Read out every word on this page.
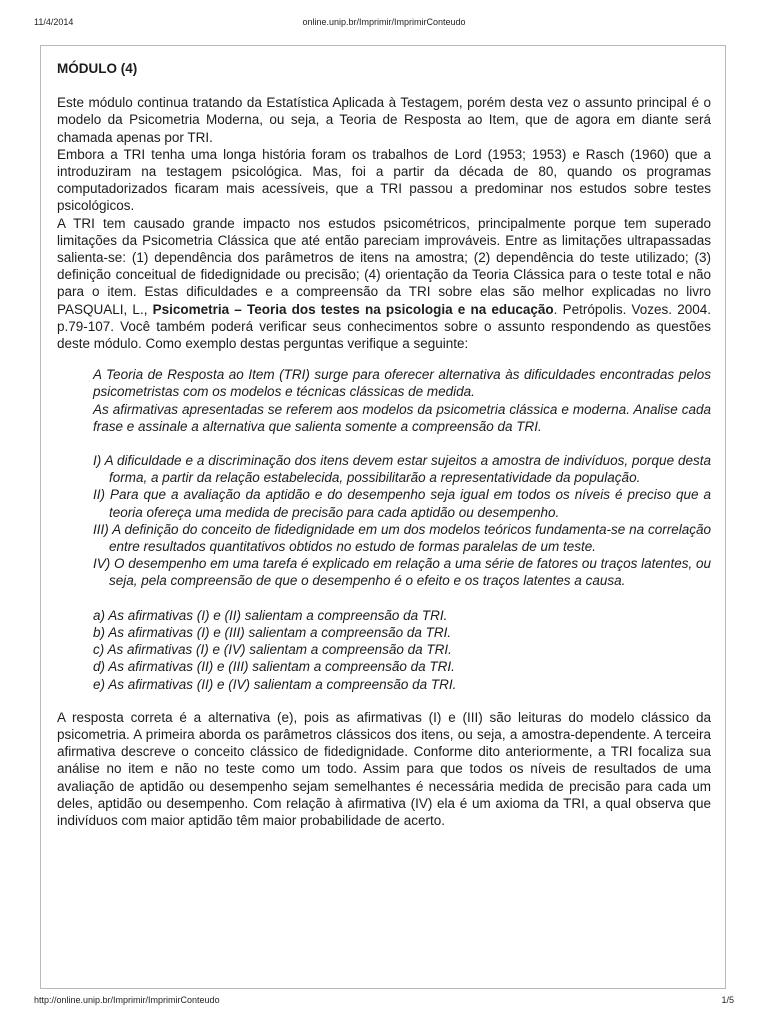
11/4/2014	online.unip.br/Imprimir/ImprimirConteudo
MÓDULO (4)

Este módulo continua tratando da Estatística Aplicada à Testagem, porém desta vez o assunto principal é o modelo da Psicometria Moderna, ou seja, a Teoria de Resposta ao Item, que de agora em diante será chamada apenas por TRI.

Embora a TRI tenha uma longa história foram os trabalhos de Lord (1953; 1953) e Rasch (1960) que a introduziram na testagem psicológica. Mas, foi a partir da década de 80, quando os programas computadorizados ficaram mais acessíveis, que a TRI passou a predominar nos estudos sobre testes psicológicos.

A TRI tem causado grande impacto nos estudos psicométricos, principalmente porque tem superado limitações da Psicometria Clássica que até então pareciam improváveis. Entre as limitações ultrapassadas salienta-se: (1) dependência dos parâmetros de itens na amostra; (2) dependência do teste utilizado; (3) definição conceitual de fidedignidade ou precisão; (4) orientação da Teoria Clássica para o teste total e não para o item. Estas dificuldades e a compreensão da TRI sobre elas são melhor explicadas no livro PASQUALI, L., Psicometria – Teoria dos testes na psicologia e na educação. Petrópolis. Vozes. 2004. p.79-107. Você também poderá verificar seus conhecimentos sobre o assunto respondendo as questões deste módulo. Como exemplo destas perguntas verifique a seguinte:

A Teoria de Resposta ao Item (TRI) surge para oferecer alternativa às dificuldades encontradas pelos psicometristas com os modelos e técnicas clássicas de medida.

As afirmativas apresentadas se referem aos modelos da psicometria clássica e moderna. Analise cada frase e assinale a alternativa que salienta somente a compreensão da TRI.

I) A dificuldade e a discriminação dos itens devem estar sujeitos a amostra de indivíduos, porque desta forma, a partir da relação estabelecida, possibilitarão a representatividade da população.

II) Para que a avaliação da aptidão e do desempenho seja igual em todos os níveis é preciso que a teoria ofereça uma medida de precisão para cada aptidão ou desempenho.

III) A definição do conceito de fidedignidade em um dos modelos teóricos fundamenta-se na correlação entre resultados quantitativos obtidos no estudo de formas paralelas de um teste.

IV) O desempenho em uma tarefa é explicado em relação a uma série de fatores ou traços latentes, ou seja, pela compreensão de que o desempenho é o efeito e os traços latentes a causa.

a) As afirmativas (I) e (II) salientam a compreensão da TRI.

b) As afirmativas (I) e (III) salientam a compreensão da TRI.

c) As afirmativas (I) e (IV) salientam a compreensão da TRI.

d) As afirmativas (II) e (III) salientam a compreensão da TRI.

e) As afirmativas (II) e (IV) salientam a compreensão da TRI.

A resposta correta é a alternativa (e), pois as afirmativas (I) e (III) são leituras do modelo clássico da psicometria. A primeira aborda os parâmetros clássicos dos itens, ou seja, a amostra-dependente. A terceira afirmativa descreve o conceito clássico de fidedignidade. Conforme dito anteriormente, a TRI focaliza sua análise no item e não no teste como um todo. Assim para que todos os níveis de resultados de uma avaliação de aptidão ou desempenho sejam semelhantes é necessária medida de precisão para cada um deles, aptidão ou desempenho. Com relação à afirmativa (IV) ela é um axioma da TRI, a qual observa que indivíduos com maior aptidão têm maior probabilidade de acerto.

http://online.unip.br/Imprimir/ImprimirConteudo	1/5
